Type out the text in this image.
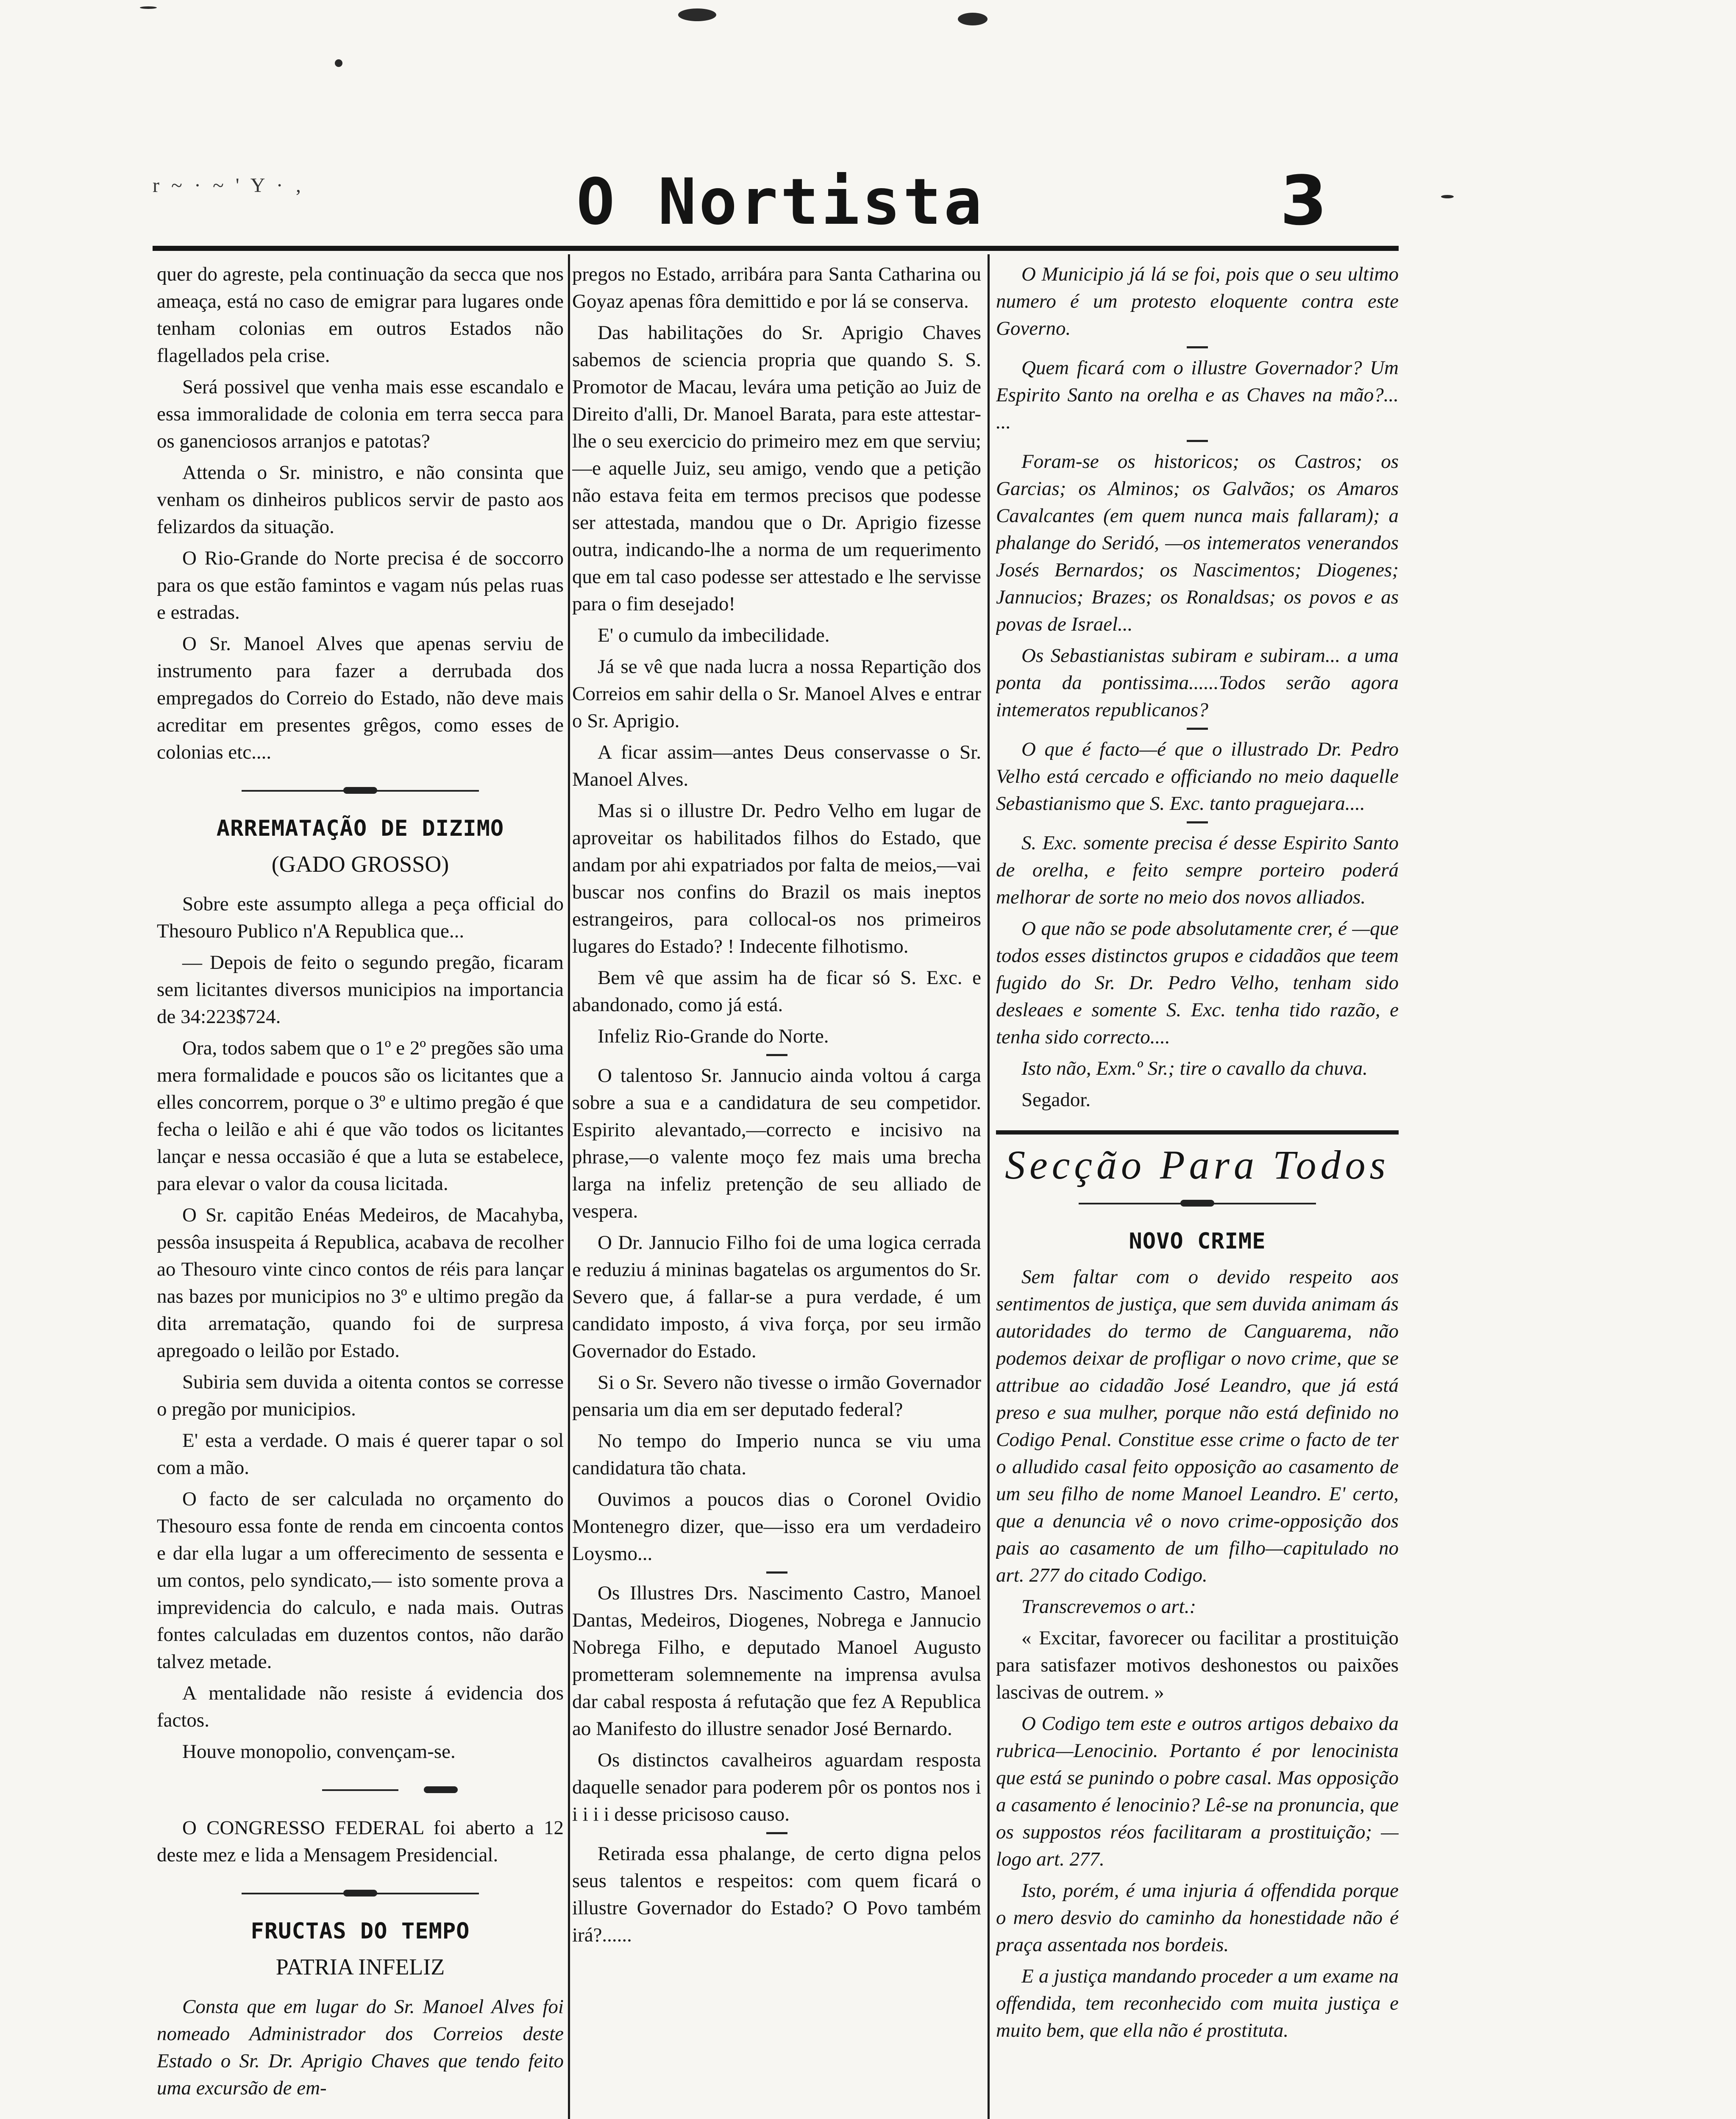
r ~ · ~ ' Y · ‚	O Nortista	3

quer do agreste, pela continuação da secca que nos ameaça, está no caso de emigrar para lugares onde tenham colonias em outros Estados não flagellados pela crise.

Será possivel que venha mais esse escandalo e essa immoralidade de colonia em terra secca para os ganenciosos arranjos e patotas?

Attenda o Sr. ministro, e não consinta que venham os dinheiros publicos servir de pasto aos felizardos da situação.

O Rio-Grande do Norte precisa é de soccorro para os que estão famintos e vagam nús pelas ruas e estradas.

O Sr. Manoel Alves que apenas serviu de instrumento para fazer a derrubada dos empregados do Correio do Estado, não deve mais acreditar em presentes grêgos, como esses de colonias etc....

ARREMATAÇÃO DE DIZIMO
(GADO GROSSO)

Sobre este assumpto allega a peça official do Thesouro Publico n'A Republica que...

— Depois de feito o segundo pregão, ficaram sem licitantes diversos municipios na importancia de 34:223$724.

Ora, todos sabem que o 1º e 2º pregões são uma mera formalidade e poucos são os licitantes que a elles concorrem, porque o 3º e ultimo pregão é que fecha o leilão e ahi é que vão todos os licitantes lançar e nessa occasião é que a luta se estabelece, para elevar o valor da cousa licitada.

O Sr. capitão Enéas Medeiros, de Macahyba, pessôa insuspeita á Republica, acabava de recolher ao Thesouro vinte cinco contos de réis para lançar nas bazes por municipios no 3º e ultimo pregão da dita arrematação, quando foi de surpresa apregoado o leilão por Estado.

Subiria sem duvida a oitenta contos se corresse o pregão por municipios.

E' esta a verdade. O mais é querer tapar o sol com a mão.

O facto de ser calculada no orçamento do Thesouro essa fonte de renda em cincoenta contos e dar ella lugar a um offerecimento de sessenta e um contos, pelo syndicato,— isto somente prova a imprevidencia do calculo, e nada mais. Outras fontes calculadas em duzentos contos, não darão talvez metade.

A mentalidade não resiste á evidencia dos factos.

Houve monopolio, convençam-se.

O CONGRESSO FEDERAL foi aberto a 12 deste mez e lida a Mensagem Presidencial.

FRUCTAS DO TEMPO
PATRIA INFELIZ

Consta que em lugar do Sr. Manoel Alves foi nomeado Administrador dos Correios deste Estado o Sr. Dr. Aprigio Chaves que tendo feito uma excursão de em-

pregos no Estado, arribára para Santa Catharina ou Goyaz apenas fôra demittido e por lá se conserva.

Das habilitações do Sr. Aprigio Chaves sabemos de sciencia propria que quando S. S. Promotor de Macau, levára uma petição ao Juiz de Direito d'alli, Dr. Manoel Barata, para este attestar-lhe o seu exercicio do primeiro mez em que serviu; —e aquelle Juiz, seu amigo, vendo que a petição não estava feita em termos precisos que podesse ser attestada, mandou que o Dr. Aprigio fizesse outra, indicando-lhe a norma de um requerimento que em tal caso podesse ser attestado e lhe servisse para o fim desejado!

E' o cumulo da imbecilidade.

Já se vê que nada lucra a nossa Repartição dos Correios em sahir della o Sr. Manoel Alves e entrar o Sr. Aprigio.

A ficar assim—antes Deus conservasse o Sr. Manoel Alves.

Mas si o illustre Dr. Pedro Velho em lugar de aproveitar os habilitados filhos do Estado, que andam por ahi expatriados por falta de meios,—vai buscar nos confins do Brazil os mais ineptos estrangeiros, para collocal-os nos primeiros lugares do Estado? ! Indecente filhotismo.

Bem vê que assim ha de ficar só S. Exc. e abandonado, como já está.

Infeliz Rio-Grande do Norte.

O talentoso Sr. Jannucio ainda voltou á carga sobre a sua e a candidatura de seu competidor. Espirito alevantado,—correcto e incisivo na phrase,—o valente moço fez mais uma brecha larga na infeliz pretenção de seu alliado de vespera.

O Dr. Jannucio Filho foi de uma logica cerrada e reduziu á mininas bagatelas os argumentos do Sr. Severo que, á fallar-se a pura verdade, é um candidato imposto, á viva força, por seu irmão Governador do Estado.

Si o Sr. Severo não tivesse o irmão Governador pensaria um dia em ser deputado federal?

No tempo do Imperio nunca se viu uma candidatura tão chata.

Ouvimos a poucos dias o Coronel Ovidio Montenegro dizer, que—isso era um verdadeiro Loysmo...

Os Illustres Drs. Nascimento Castro, Manoel Dantas, Medeiros, Diogenes, Nobrega e Jannucio Nobrega Filho, e deputado Manoel Augusto prometteram solemnemente na imprensa avulsa dar cabal resposta á refutação que fez A Republica ao Manifesto do illustre senador José Bernardo.

Os distinctos cavalheiros aguardam resposta daquelle senador para poderem pôr os pontos nos i i i i i desse pricisoso causo.

Retirada essa phalange, de certo digna pelos seus talentos e respeitos: com quem ficará o illustre Governador do Estado? O Povo também irá?......

O Municipio já lá se foi, pois que o seu ultimo numero é um protesto eloquente contra este Governo.

Quem ficará com o illustre Governador? Um Espirito Santo na orelha e as Chaves na mão?... ...

Foram-se os historicos; os Castros; os Garcias; os Alminos; os Galvãos; os Amaros Cavalcantes (em quem nunca mais fallaram); a phalange do Seridó, —os intemeratos venerandos Josés Bernardos; os Nascimentos; Diogenes; Jannucios; Brazes; os Ronaldsas; os povos e as povas de Israel...

Os Sebastianistas subiram e subiram... a uma ponta da pontissima......Todos serão agora intemeratos republicanos?

O que é facto—é que o illustrado Dr. Pedro Velho está cercado e officiando no meio daquelle Sebastianismo que S. Exc. tanto praguejara....

S. Exc. somente precisa é desse Espirito Santo de orelha, e feito sempre porteiro poderá melhorar de sorte no meio dos novos alliados.

O que não se pode absolutamente crer, é —que todos esses distinctos grupos e cidadãos que teem fugido do Sr. Dr. Pedro Velho, tenham sido desleaes e somente S. Exc. tenha tido razão, e tenha sido correcto....

Isto não, Exm.º Sr.; tire o cavallo da chuva.

Segador.

Secção Para Todos
NOVO CRIME

Sem faltar com o devido respeito aos sentimentos de justiça, que sem duvida animam ás autoridades do termo de Canguarema, não podemos deixar de profligar o novo crime, que se attribue ao cidadão José Leandro, que já está preso e sua mulher, porque não está definido no Codigo Penal. Constitue esse crime o facto de ter o alludido casal feito opposição ao casamento de um seu filho de nome Manoel Leandro. E' certo, que a denuncia vê o novo crime-opposição dos pais ao casamento de um filho—capitulado no art. 277 do citado Codigo.

Transcrevemos o art.:

« Excitar, favorecer ou facilitar a prostituição para satisfazer motivos deshonestos ou paixões lascivas de outrem. »

O Codigo tem este e outros artigos debaixo da rubrica—Lenocinio. Portanto é por lenocinista que está se punindo o pobre casal. Mas opposição a casamento é lenocinio? Lê-se na pronuncia, que os suppostos réos facilitaram a prostituição; —logo art. 277.

Isto, porém, é uma injuria á offendida porque o mero desvio do caminho da honestidade não é praça assentada nos bordeis.

E a justiça mandando proceder a um exame na offendida, tem reconhecido com muita justiça e muito bem, que ella não é prostituta.
